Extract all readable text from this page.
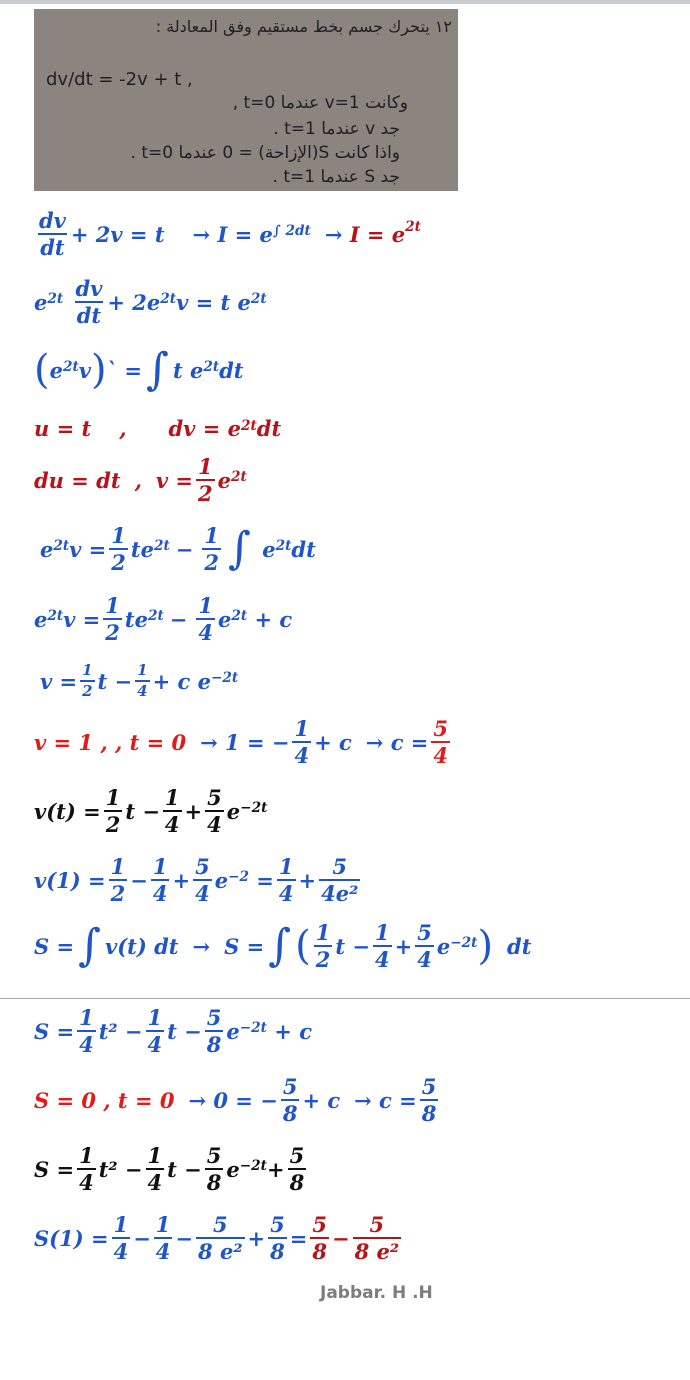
١٢ يتحرك جسم بخط مستقيم وفق المعادلة :
dv/dt = -2v + t ,
وكانت v=1 عندما t=0 ,
جد v عندما t=1 .
واذا كانت S(الإزاحة) = 0 عندما t=0 .
جد S عندما t=1 .
$\frac{dv}{dt} + 2v = t \to I = e^{\int 2dt}$ →
$I = e^{2t}$
$e^{2t}$
$\frac{dv}{dt} + 2e^{2t}$ v = t $e^{2t}$
( $e^{2t}$ v ) ` = ∫ t $e^{2t}$ dt
u = t , dv = $e^{2t}$ dt
du = dt , $v = \frac{1}{2} e^{2t}$
$e^{2t}$ $v = \frac{1}{2} te^{2t} - \frac{1}{2}$ ∫
$e^{2t}$ dt
$e^{2t}$ $v = \frac{1}{2} te^{2t} - \frac{1}{4} e^{2t}$
+ c
$v = \frac{1}{2}$ $t - \frac{1}{4} + c$ $e^{-2t}$
v = 1 , , t = 0 → 1 = − $\frac{1}{4} + c \to c = \frac{5}{4}$
$v(t) = \frac{1}{2}$ $t - \frac{1}{4} + \frac{5}{4} e^{-2t}$
$v(1) = \frac{1}{2} - \frac{1}{4} + \frac{5}{4} e^{-2}$
= $\frac{1}{4} + \frac{5}{\text{4e²}}$
S = ∫ v(t) dt → S = ∫ ( $\frac{1}{2}$ $t - \frac{1}{4} + \frac{5}{4} e^{-2t}$ ) dt
$S = \frac{1}{4} t^2 - \frac{1}{4}$ $t - \frac{5}{8} e^{-2t}$
+ c
S = 0 , t = 0 → 0 = − $\frac{5}{8} + c \to c = \frac{5}{8}$
$S = \frac{1}{4} t^2 - \frac{1}{4}$ $t - \frac{5}{8} e^{-2t} + \frac{5}{8}$
$S(1) = \frac{1}{4} - \frac{1}{4} - \frac{5}{\text{8 e²}} + \frac{5}{8} = \frac{5}{8} - \frac{5}{\text{8 e²}}$
Jabbar. H .H
